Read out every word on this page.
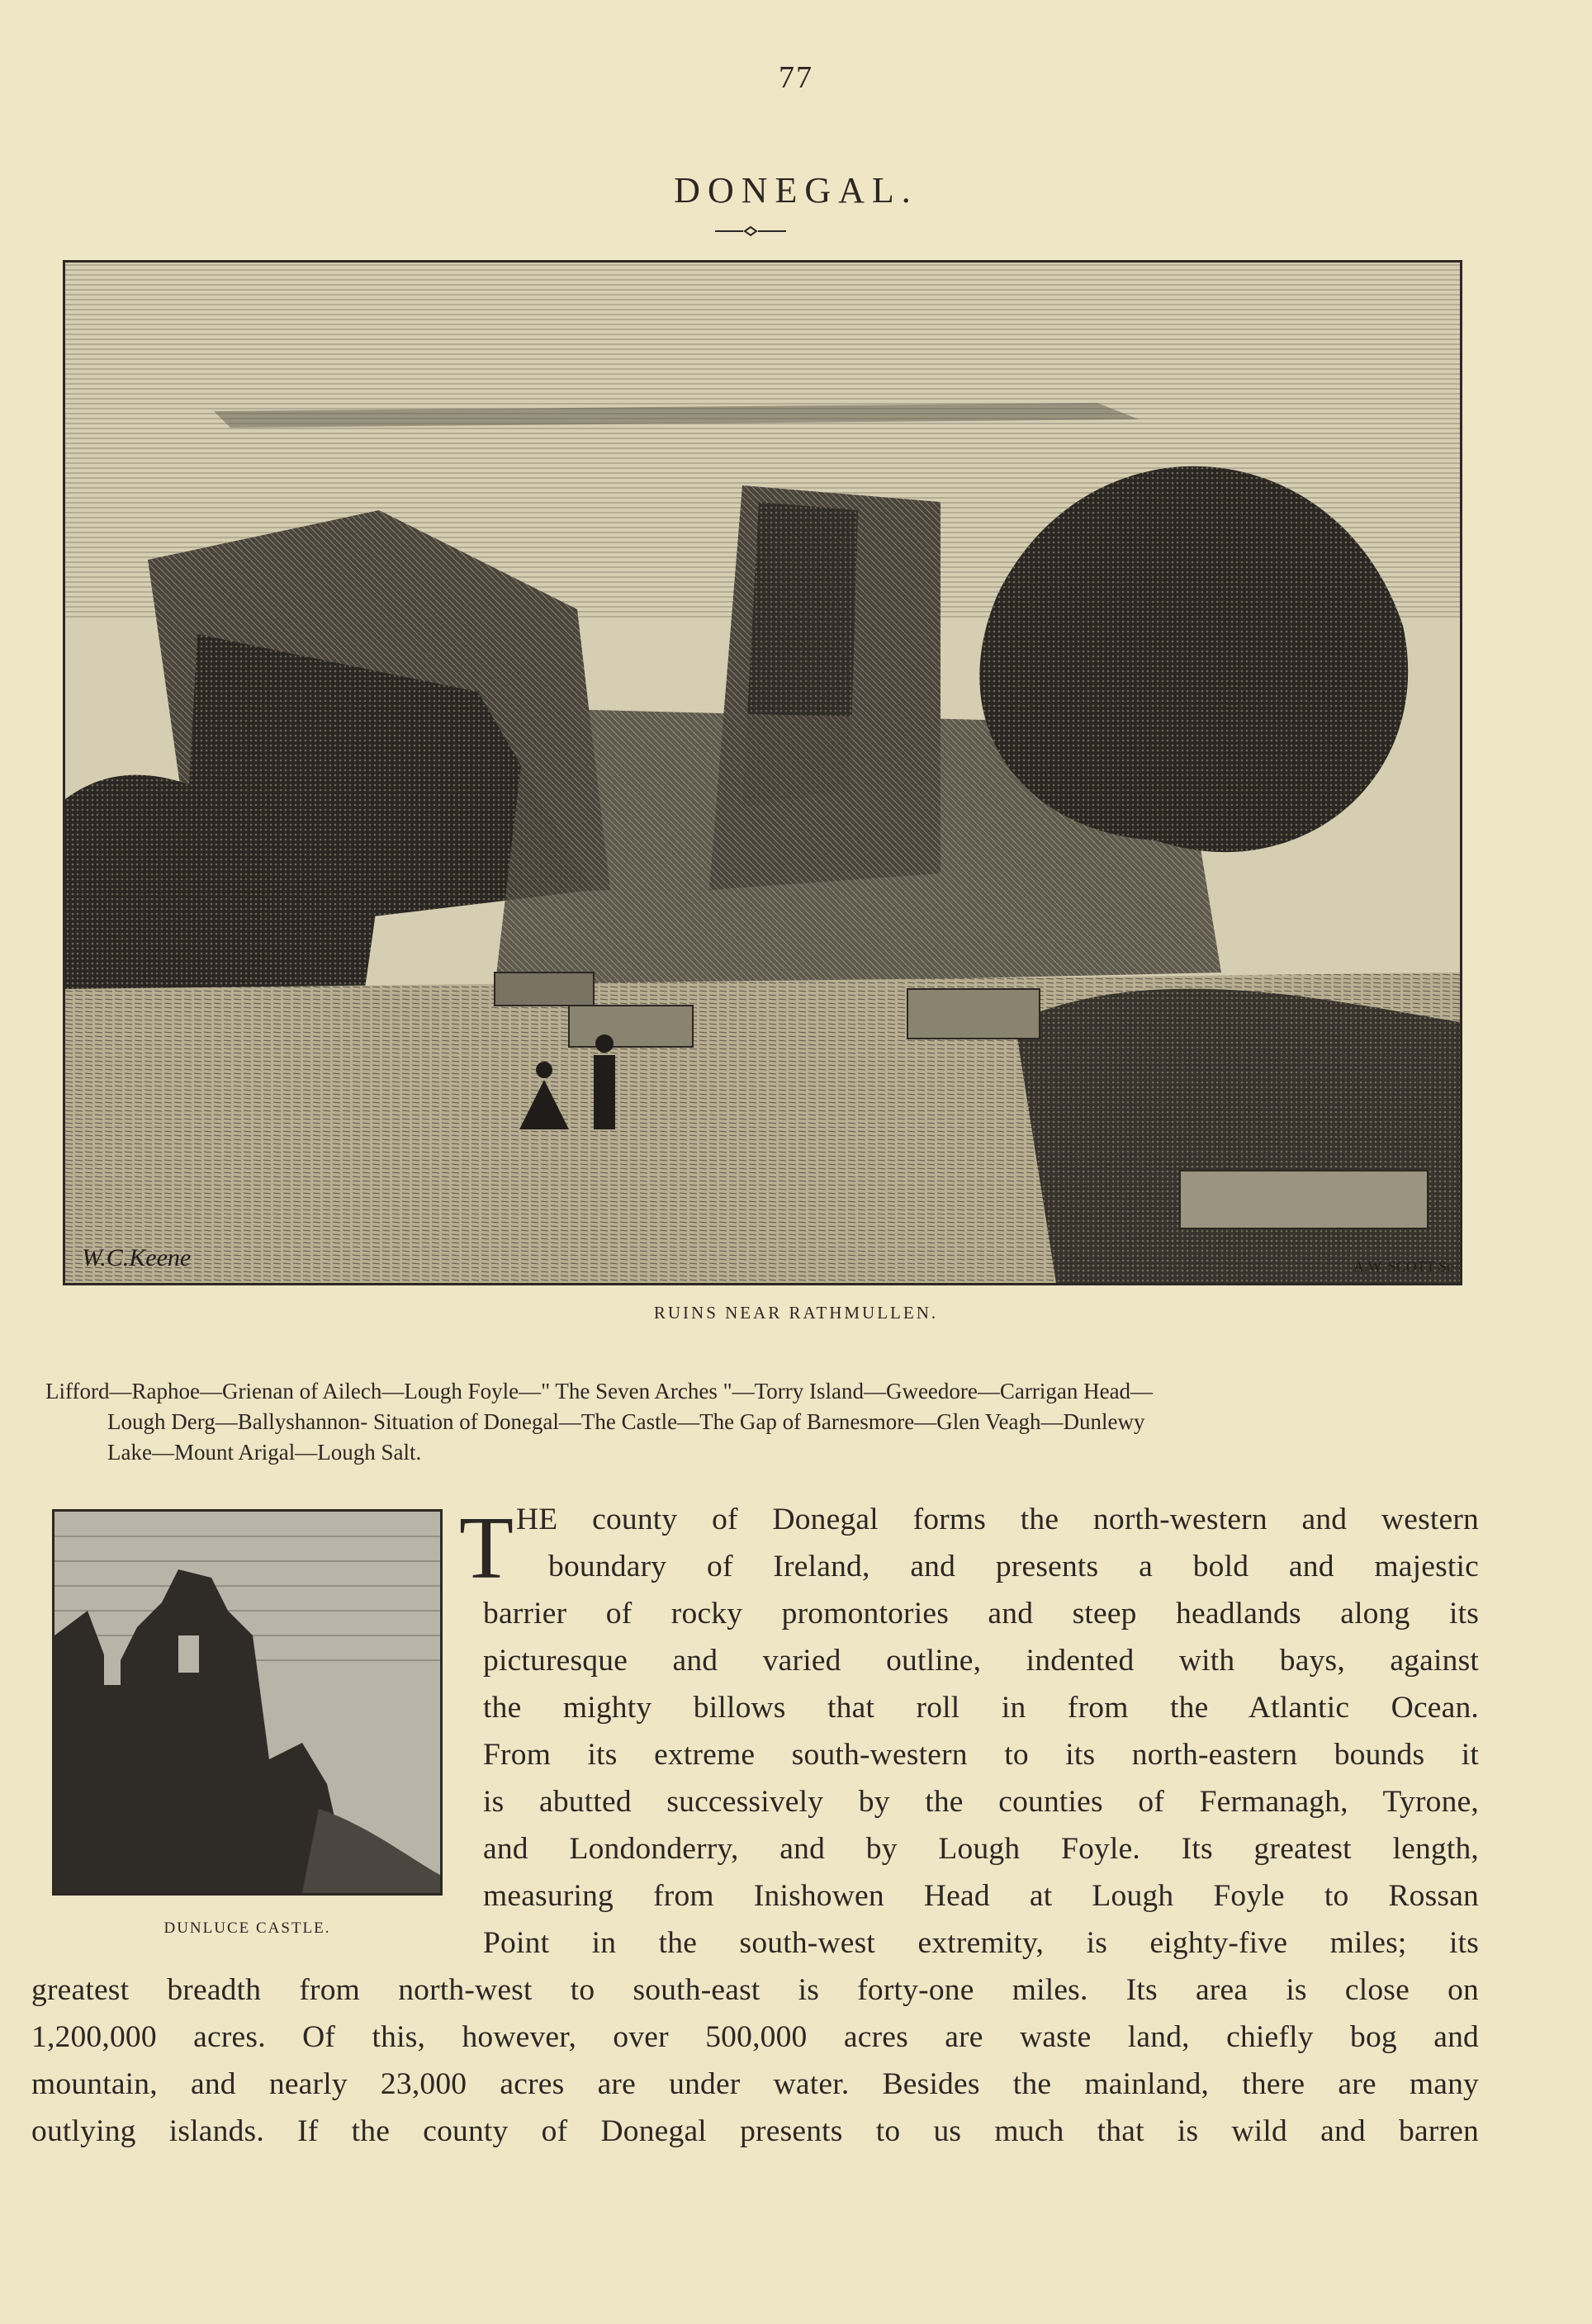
77
DONEGAL.
W.C.Keene	A.W. SCOTT Sc
RUINS NEAR RATHMULLEN.
Lifford—Raphoe—Grienan of Ailech—Lough Foyle—" The Seven Arches "—Torry Island—Gweedore—Carrigan Head—
Lough Derg—Ballyshannon- Situation of Donegal—The Castle—The Gap of Barnesmore—Glen Veagh—Dunlewy
Lake—Mount Arigal—Lough Salt.
DUNLUCE CASTLE.
T HE county of Donegal forms the north-western and western
boundary of Ireland, and presents a bold and majestic
barrier of rocky promontories and steep headlands along its
picturesque and varied outline, indented with bays, against
the mighty billows that roll in from the Atlantic Ocean.
From its extreme south-western to its north-eastern bounds it
is abutted successively by the counties of Fermanagh, Tyrone,
and Londonderry, and by Lough Foyle. Its greatest length,
measuring from Inishowen Head at Lough Foyle to Rossan
Point in the south-west extremity, is eighty-five miles; its
greatest breadth from north-west to south-east is forty-one miles. Its area is close on
1,200,000 acres. Of this, however, over 500,000 acres are waste land, chiefly bog and
mountain, and nearly 23,000 acres are under water. Besides the mainland, there are many
outlying islands. If the county of Donegal presents to us much that is wild and barren
